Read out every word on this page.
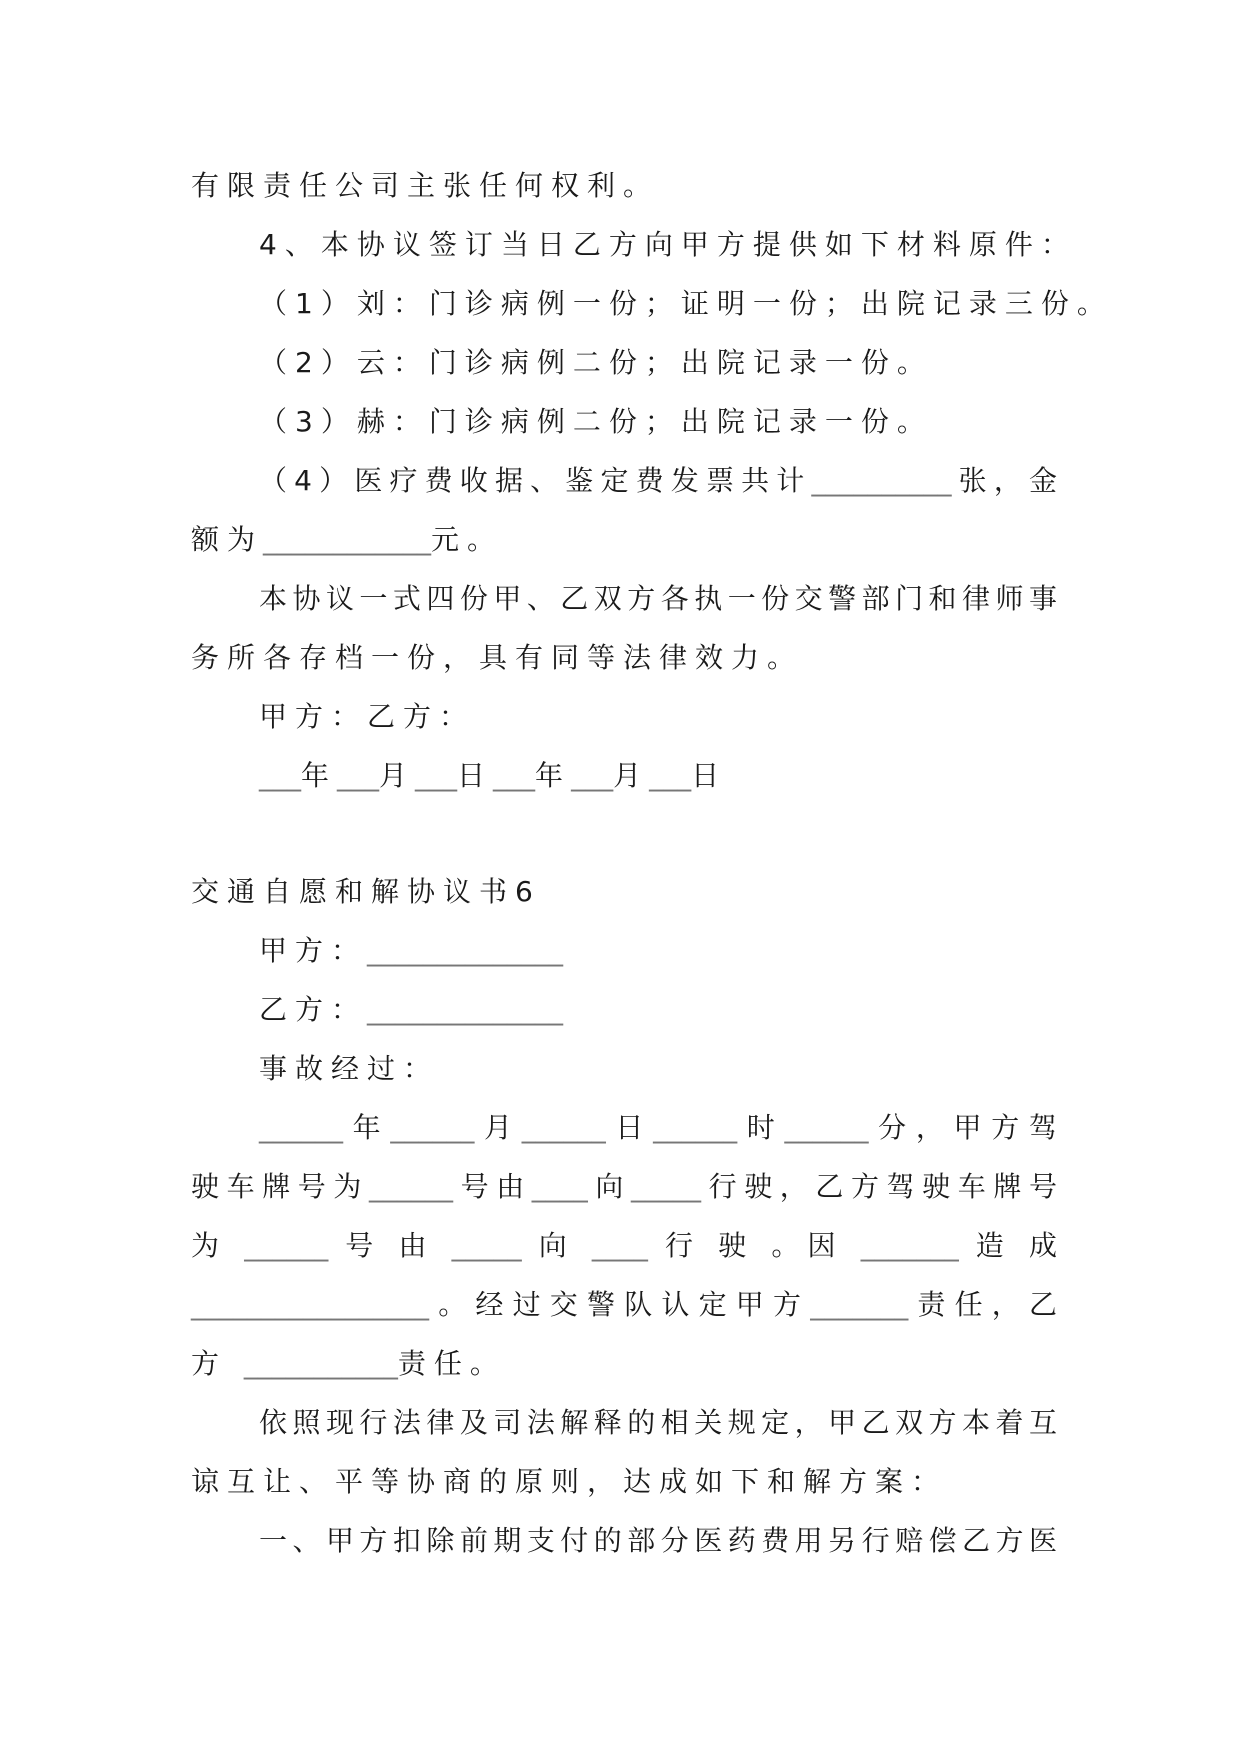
有限责任公司主张任何权利。
4、本协议签订当日乙方向甲方提供如下材料原件：
（1）刘：门诊病例一份；证明一份；出院记录三份。
（2）云：门诊病例二份；出院记录一份。
（3）赫：门诊病例二份；出院记录一份。
（4）医疗费收据、鉴定费发票共计__________张，金
额为____________元。
本协议一式四份甲、乙双方各执一份交警部门和律师事
务所各存档一份，具有同等法律效力。
甲方：乙方：
___年___月___日___年___月___日
交通自愿和解协议书6
甲方：______________
乙方：______________
事故经过：
______年______月______日______时______分，甲方驾
驶车牌号为______号由____向_____行驶，乙方驾驶车牌号
为 ______ 号 由 _____ 向 ____ 行 驶 。因 _______ 造 成
_________________。经过交警队认定甲方_______责任，乙
方 ___________责任。
依照现行法律及司法解释的相关规定，甲乙双方本着互
谅互让、平等协商的原则，达成如下和解方案：
一、甲方扣除前期支付的部分医药费用另行赔偿乙方医
